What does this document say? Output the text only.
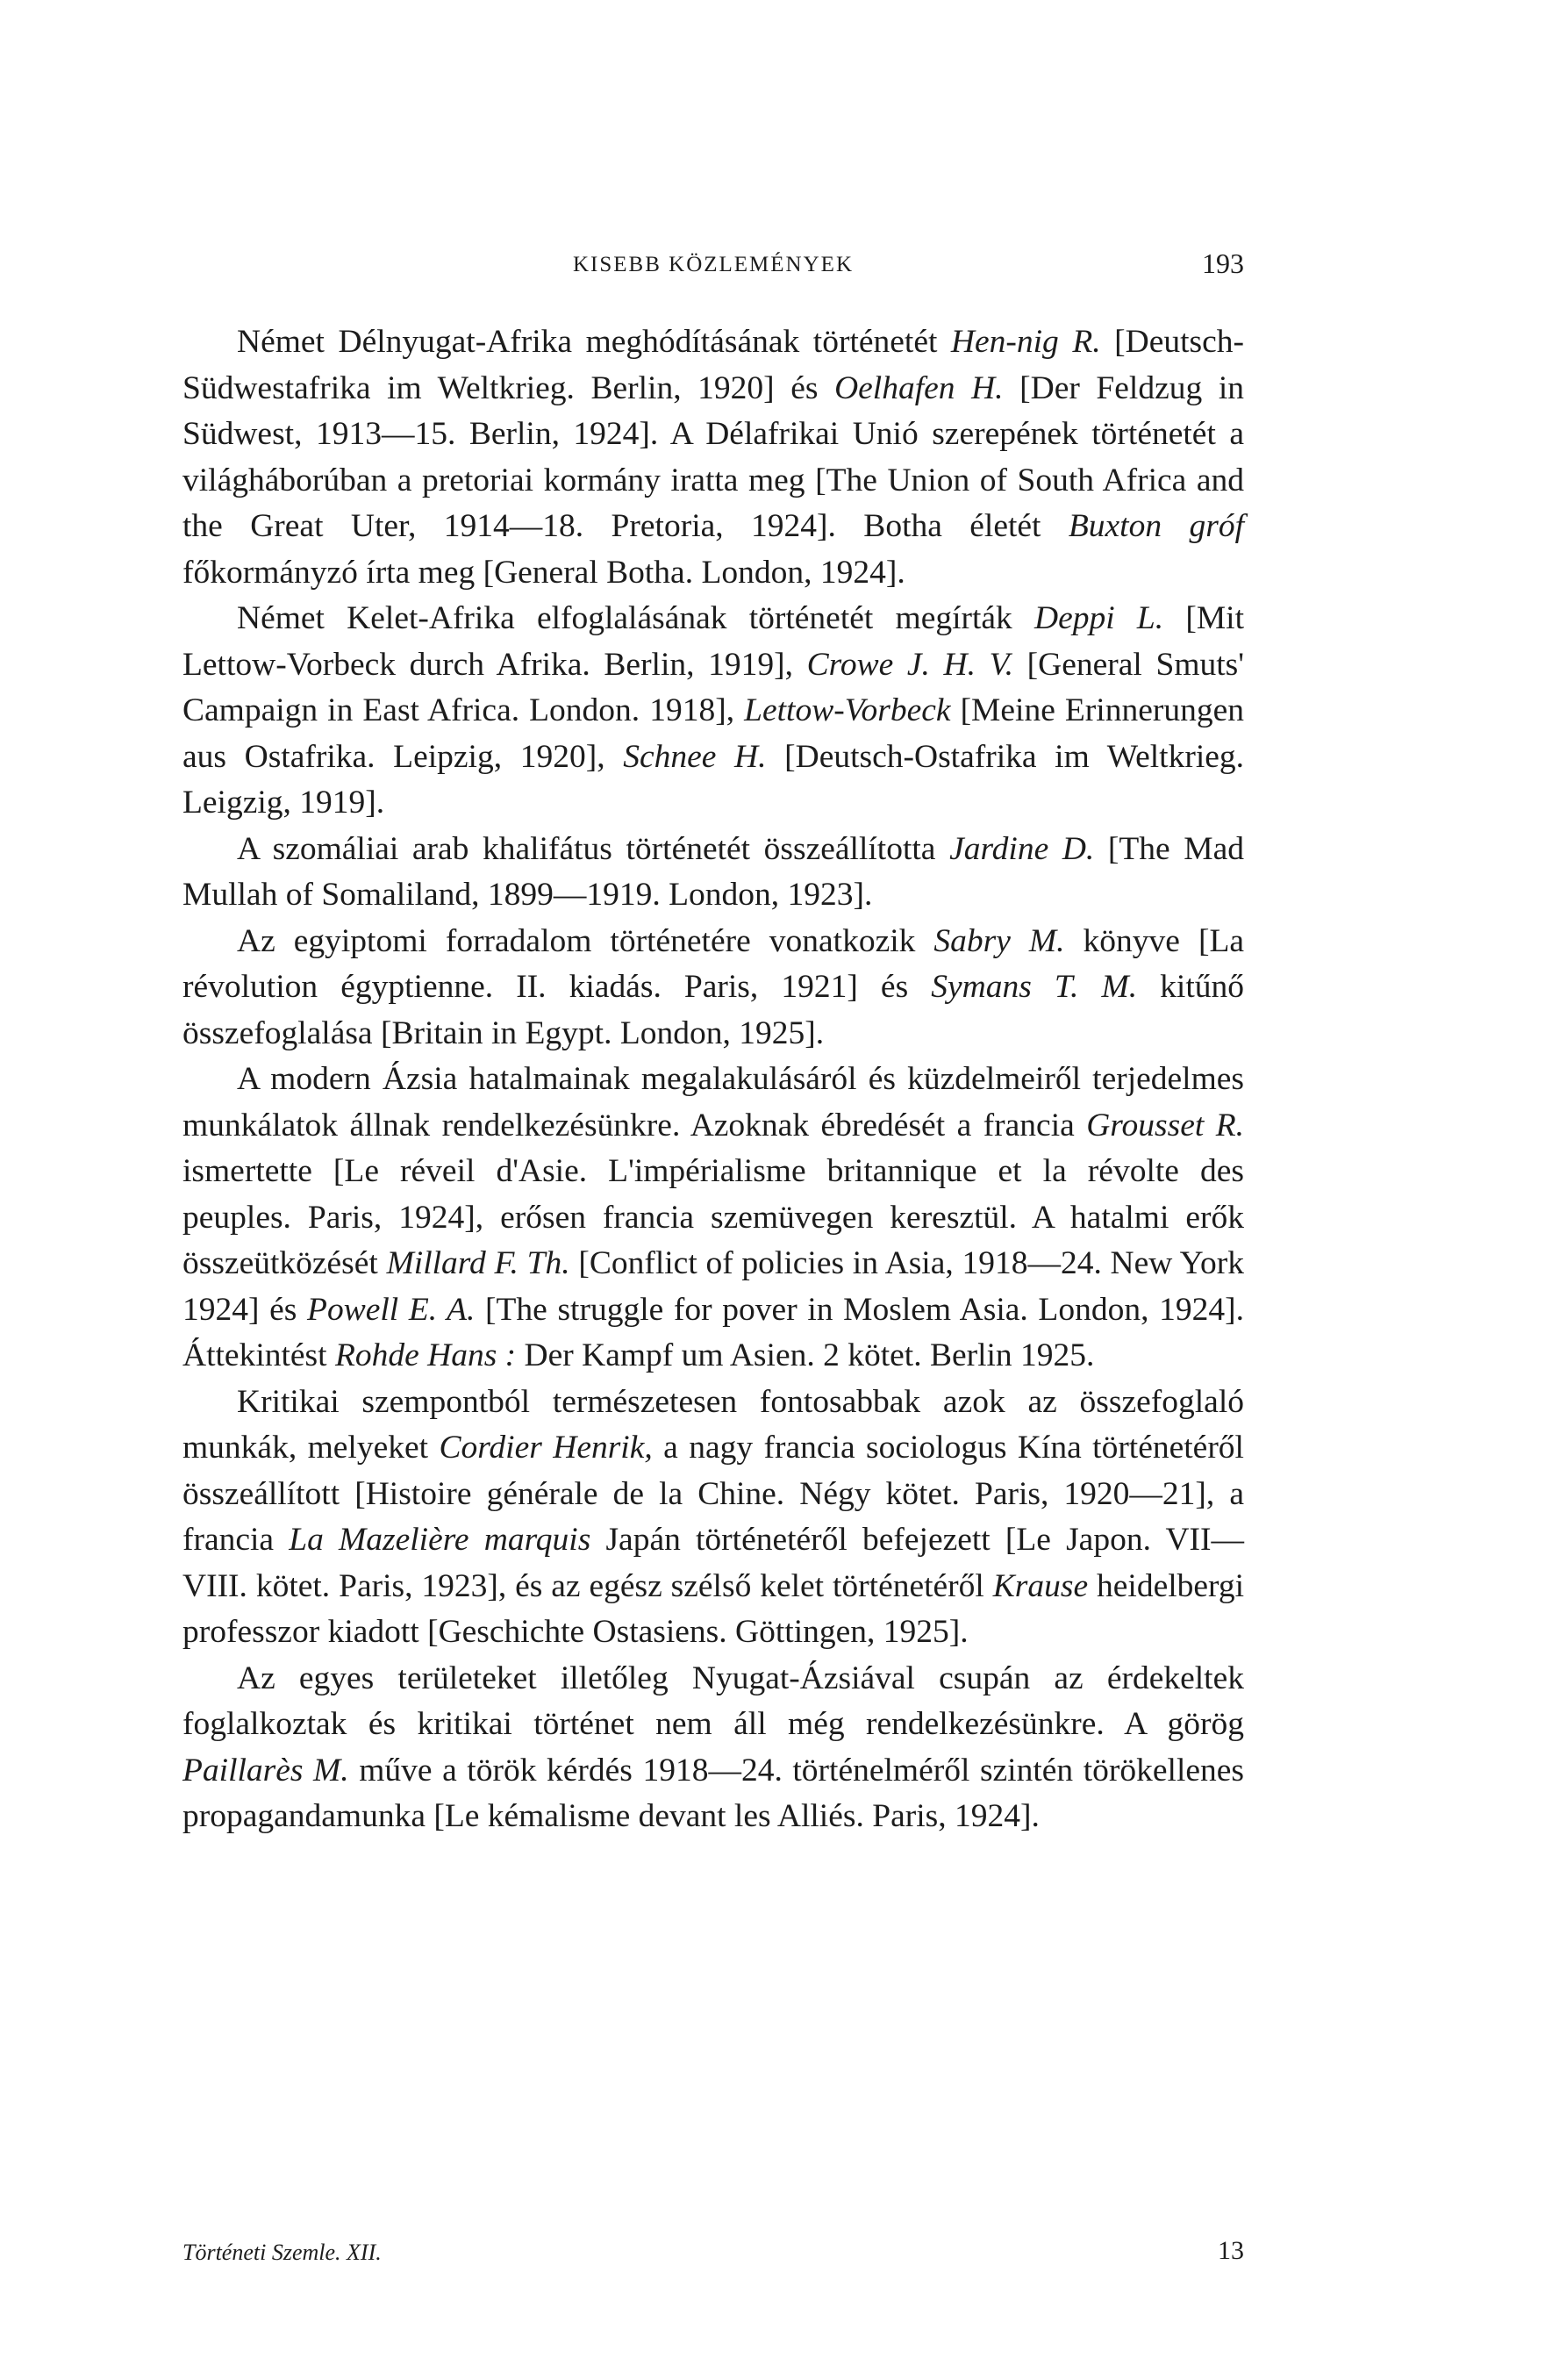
KISEBB KÖZLEMÉNYEK	193

Német Délnyugat-Afrika meghódításának történetét Hen-nig R. [Deutsch-Südwestafrika im Weltkrieg. Berlin, 1920] és Oelhafen H. [Der Feldzug in Südwest, 1913—15. Berlin, 1924]. A Délafrikai Unió szerepének történetét a világháborúban a pretoriai kormány iratta meg [The Union of South Africa and the Great Uter, 1914—18. Pretoria, 1924]. Botha életét Buxton gróf főkormányzó írta meg [General Botha. London, 1924].

Német Kelet-Afrika elfoglalásának történetét megírták Deppi L. [Mit Lettow-Vorbeck durch Afrika. Berlin, 1919], Crowe J. H. V. [General Smuts' Campaign in East Africa. London. 1918], Lettow-Vorbeck [Meine Erinnerungen aus Ostafrika. Leipzig, 1920], Schnee H. [Deutsch-Ostafrika im Weltkrieg. Leigzig, 1919].

A szomáliai arab khalifátus történetét összeállította Jardine D. [The Mad Mullah of Somaliland, 1899—1919. London, 1923].

Az egyiptomi forradalom történetére vonatkozik Sabry M. könyve [La révolution égyptienne. II. kiadás. Paris, 1921] és Symans T. M. kitűnő összefoglalása [Britain in Egypt. London, 1925].

A modern Ázsia hatalmainak megalakulásáról és küzdelmeiről terjedelmes munkálatok állnak rendelkezésünkre. Azoknak ébredését a francia Grousset R. ismertette [Le réveil d'Asie. L'impérialisme britannique et la révolte des peuples. Paris, 1924], erősen francia szemüvegen keresztül. A hatalmi erők összeütközését Millard F. Th. [Conflict of policies in Asia, 1918—24. New York 1924] és Powell E. A. [The struggle for pover in Moslem Asia. London, 1924]. Áttekintést Rohde Hans : Der Kampf um Asien. 2 kötet. Berlin 1925.

Kritikai szempontból természetesen fontosabbak azok az összefoglaló munkák, melyeket Cordier Henrik, a nagy francia sociologus Kína történetéről összeállított [Histoire générale de la Chine. Négy kötet. Paris, 1920—21], a francia La Mazelière marquis Japán történetéről befejezett [Le Japon. VII—VIII. kötet. Paris, 1923], és az egész szélső kelet történetéről Krause heidelbergi professzor kiadott [Geschichte Ostasiens. Göttingen, 1925].

Az egyes területeket illetőleg Nyugat-Ázsiával csupán az érdekeltek foglalkoztak és kritikai történet nem áll még rendelkezésünkre. A görög Paillarès M. műve a török kérdés 1918—24. történelméről szintén törökellenes propagandamunka [Le kémalisme devant les Alliés. Paris, 1924].

Történeti Szemle. XII.	13
